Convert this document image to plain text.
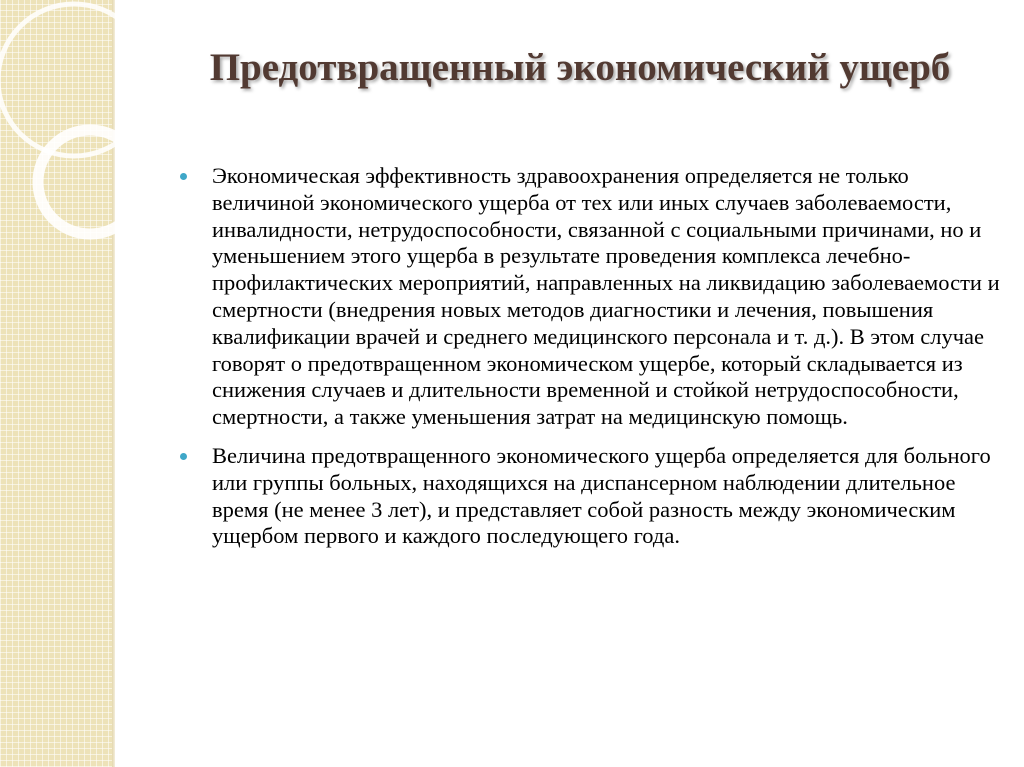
Предотвращенный экономический ущерб
Экономическая эффективность здравоохранения определяется не только величиной экономического ущерба от тех или иных случаев заболеваемости, инвалидности, нетрудоспособности, связанной с социальными причинами, но и уменьшением этого ущерба в результате проведения комплекса лечебно-профилактических мероприятий, направленных на ликвидацию заболеваемости и смертности (внедрения новых методов диагностики и лечения, повышения квалификации врачей и среднего медицинского персонала и т. д.). В этом случае говорят о предотвращенном экономическом ущербе, который складывается из снижения случаев и длительности временной и стойкой нетрудоспособности, смертности, а также уменьшения затрат на медицинскую помощь.
Величина предотвращенного экономического ущерба определяется для больного или группы больных, находящихся на диспансерном наблюдении длительное время (не менее 3 лет), и представляет собой разность между экономическим ущербом первого и каждого последующего года.
